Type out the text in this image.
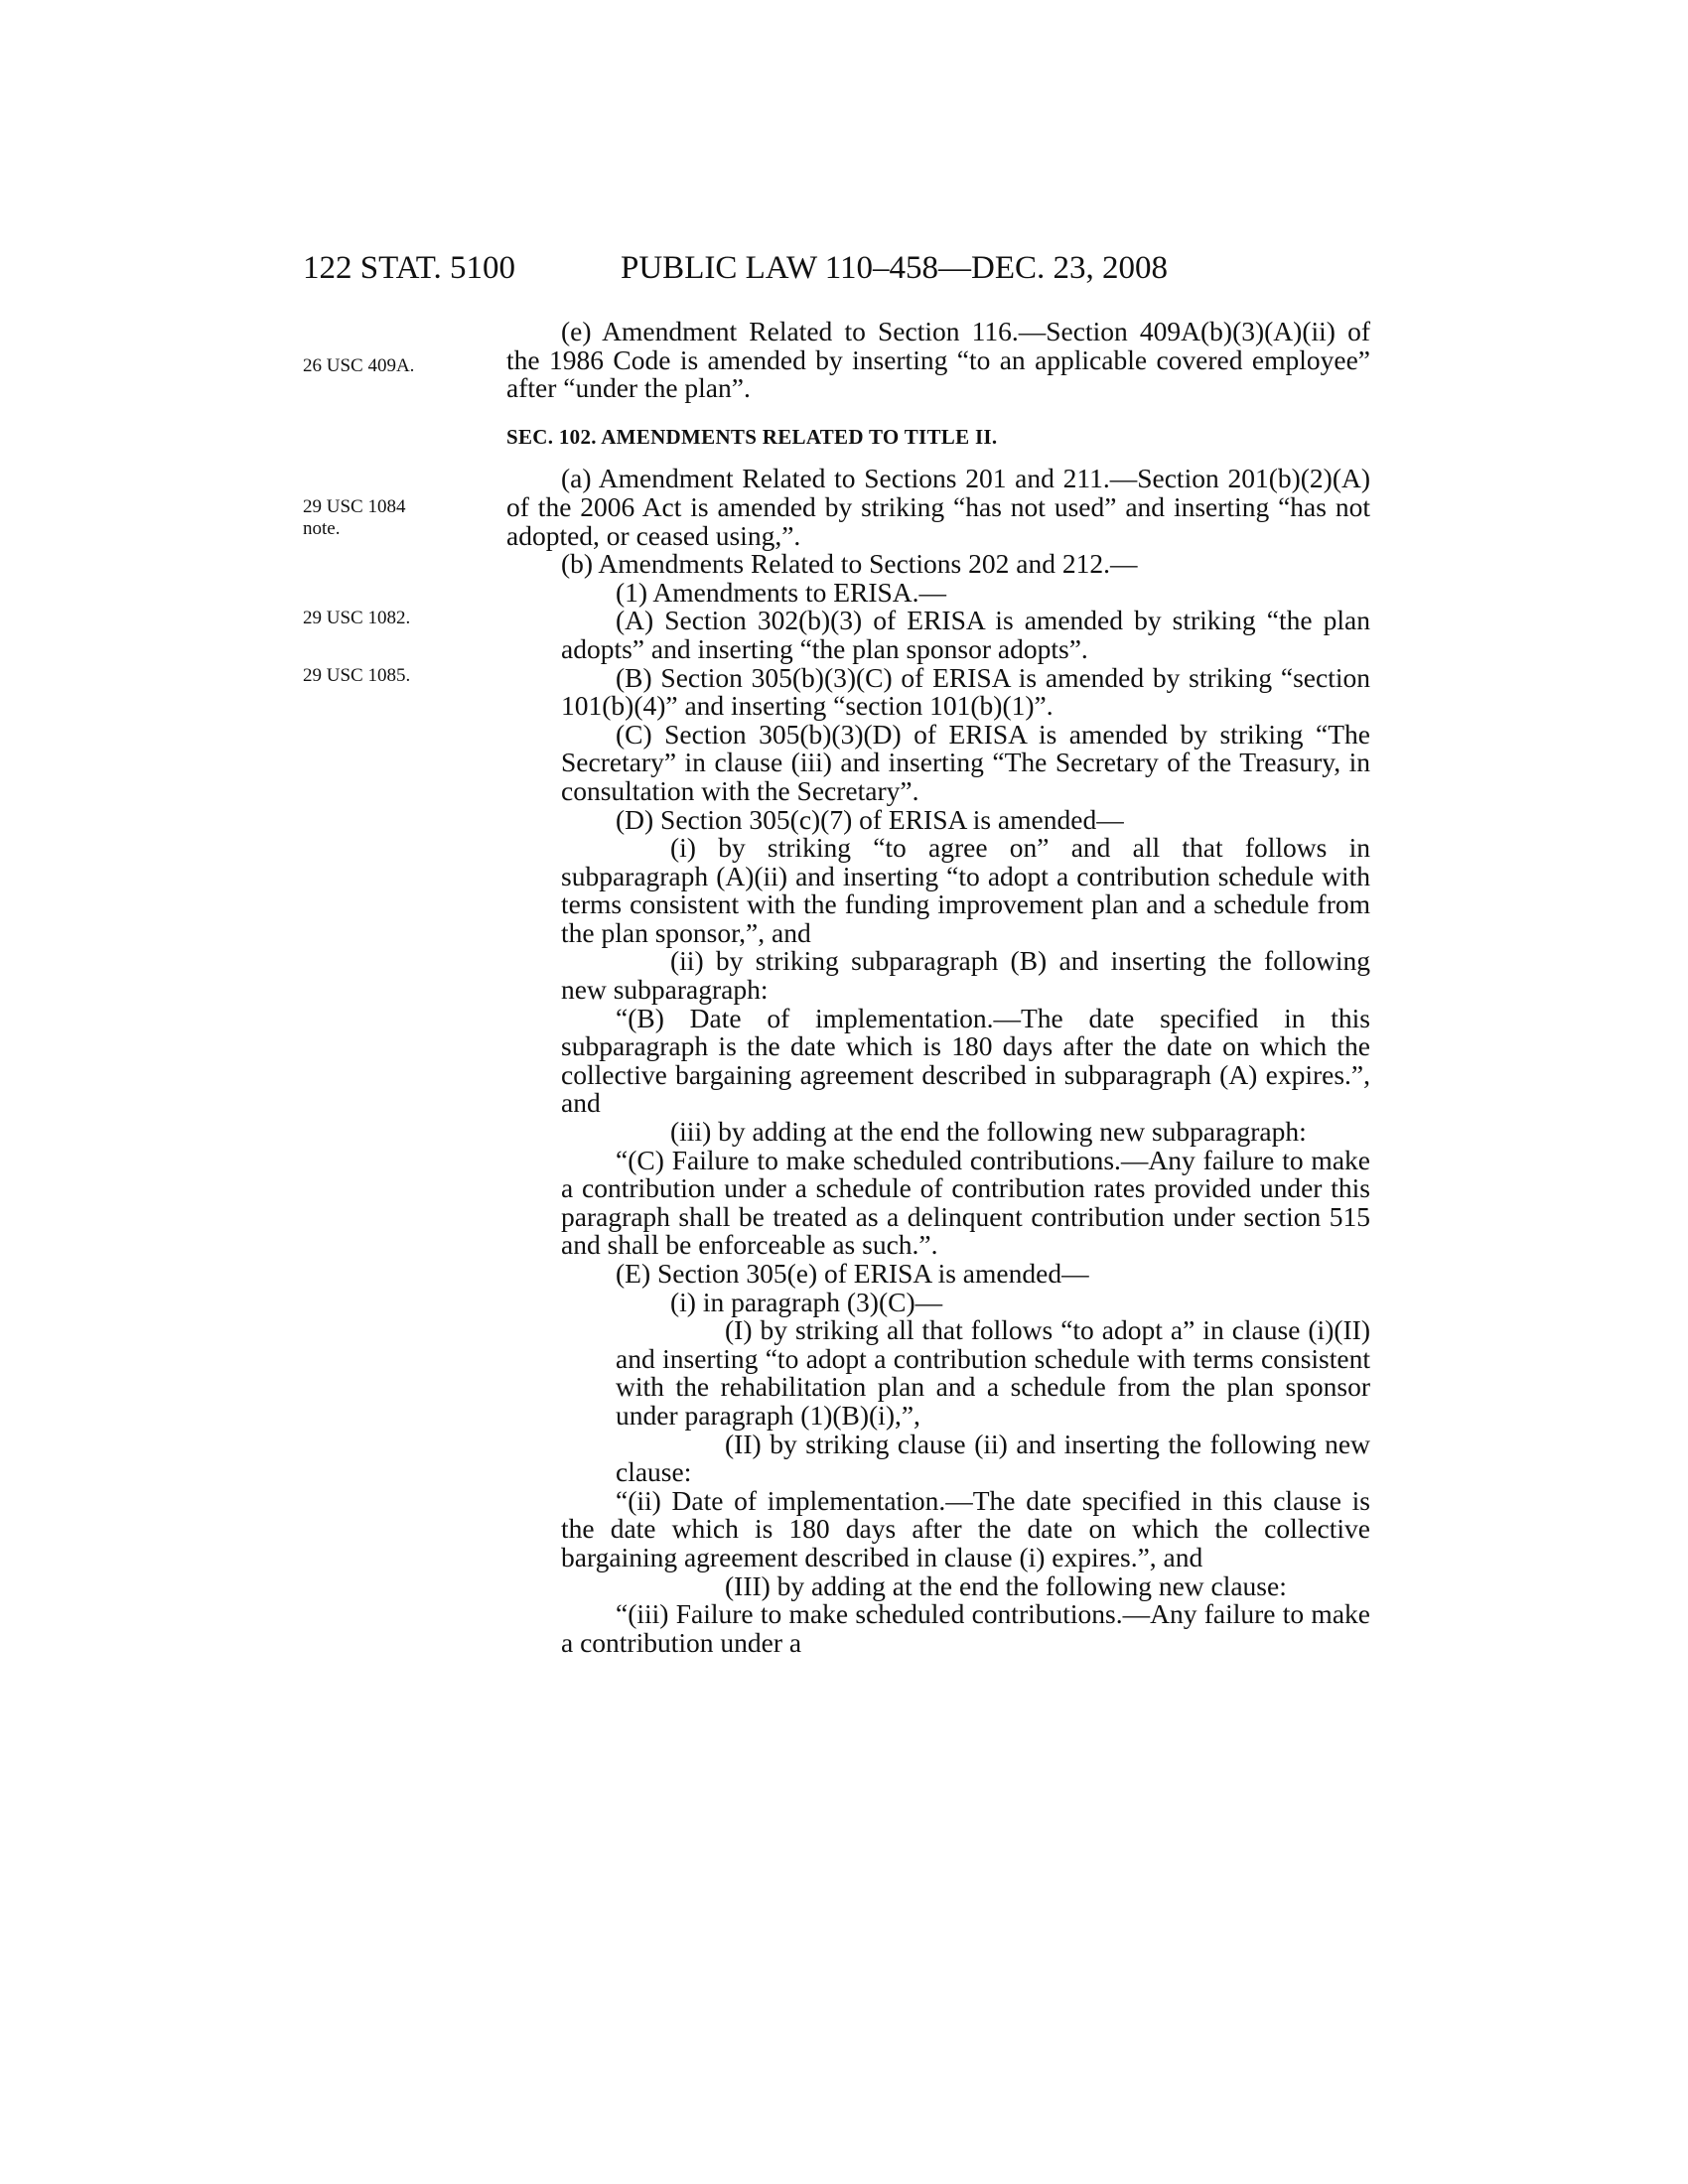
122 STAT. 5100	PUBLIC LAW 110–458—DEC. 23, 2008
26 USC 409A.
29 USC 1084
note.
29 USC 1082.
29 USC 1085.

(e) Amendment Related to Section 116.—Section 409A(b)(3)(A)(ii) of the 1986 Code is amended by inserting “to an applicable covered employee” after “under the plan”.

SEC. 102. AMENDMENTS RELATED TO TITLE II.

(a) Amendment Related to Sections 201 and 211.—Section 201(b)(2)(A) of the 2006 Act is amended by striking “has not used” and inserting “has not adopted, or ceased using,”.

(b) Amendments Related to Sections 202 and 212.—

(1) Amendments to ERISA.—

(A) Section 302(b)(3) of ERISA is amended by striking “the plan adopts” and inserting “the plan sponsor adopts”.

(B) Section 305(b)(3)(C) of ERISA is amended by striking “section 101(b)(4)” and inserting “section 101(b)(1)”.

(C) Section 305(b)(3)(D) of ERISA is amended by striking “The Secretary” in clause (iii) and inserting “The Secretary of the Treasury, in consultation with the Secretary”.

(D) Section 305(c)(7) of ERISA is amended—

(i) by striking “to agree on” and all that follows in subparagraph (A)(ii) and inserting “to adopt a contribution schedule with terms consistent with the funding improvement plan and a schedule from the plan sponsor,”, and

(ii) by striking subparagraph (B) and inserting the following new subparagraph:

“(B) Date of implementation.—The date specified in this subparagraph is the date which is 180 days after the date on which the collective bargaining agreement described in subparagraph (A) expires.”, and

(iii) by adding at the end the following new subparagraph:

“(C) Failure to make scheduled contributions.—Any failure to make a contribution under a schedule of contribution rates provided under this paragraph shall be treated as a delinquent contribution under section 515 and shall be enforceable as such.”.

(E) Section 305(e) of ERISA is amended—

(i) in paragraph (3)(C)—

(I) by striking all that follows “to adopt a” in clause (i)(II) and inserting “to adopt a contribution schedule with terms consistent with the rehabilitation plan and a schedule from the plan sponsor under paragraph (1)(B)(i),”,

(II) by striking clause (ii) and inserting the following new clause:

“(ii) Date of implementation.—The date specified in this clause is the date which is 180 days after the date on which the collective bargaining agreement described in clause (i) expires.”, and

(III) by adding at the end the following new clause:

“(iii) Failure to make scheduled contributions.—Any failure to make a contribution under a
